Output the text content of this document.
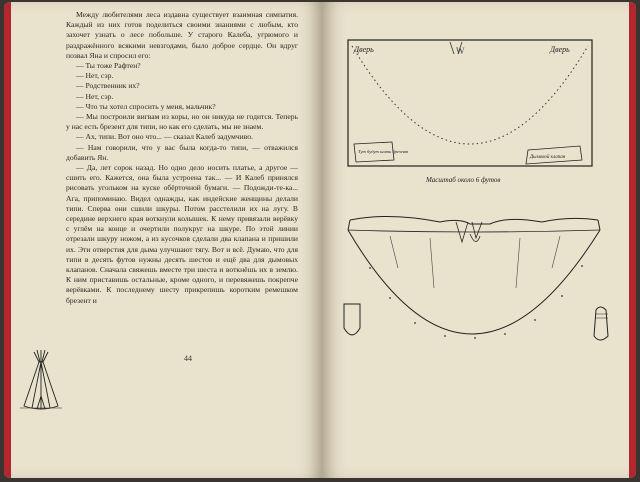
Между любителями леса издавна существует взаимная симпатия. Каждый из них готов поделиться своими знаниями с любым, кто захочет узнать о лесе побольше. У старого Калеба, угрюмого и раздражённого всякими невзгодами, было доброе сердце. Он вдруг позвал Яна и спросил его:

— Ты тоже Рафтен?

— Нет, сэр.

— Родственник их?

— Нет, сэр.

— Что ты хотел спросить у меня, мальчик?

— Мы построили вигвам из коры, но он никуда не годится. Теперь у нас есть брезент для типи, но как его сделать, мы не знаем.

— Ах, типи. Вот оно что... — сказал Калеб задумчиво.

— Нам говорили, что у вас была когда-то типи, — отважился добавить Ян.

— Да, лет сорок назад. Но одно дело носить платье, а другое — сшить его. Кажется, она была устроена так... — И Калеб принялся рисовать угольком на куске обёрточной бумаги. — Подожди-те-ка... Ага, припоминаю. Видел однажды, как индейские женщины делали типи. Сперва они сшили шкуры. Потом расстелили их на лугу. В середине верхнего края воткнули колышек. К нему привязали верёвку с углём на конце и очертили полукруг на шкуре. По этой линии отрезали шкуру ножом, а из кусочков сделали два клапана и пришили их. Эти отверстия для дыма улучшают тягу. Вот и всё. Думаю, что для типи в десять футов нужны десять шестов и ещё два для дымовых клапанов. Сначала свяжешь вместе три шеста и воткнёшь их в землю. К ним приставишь остальные, кроме одного, и перевяжешь покрепче верёвками. К последнему шесту прикрепишь коротким ремешком брезент и

44
Дверь	Дверь
W
Тут будут шить брезент
Дымовой клапан
Масштаб около 6 футов
